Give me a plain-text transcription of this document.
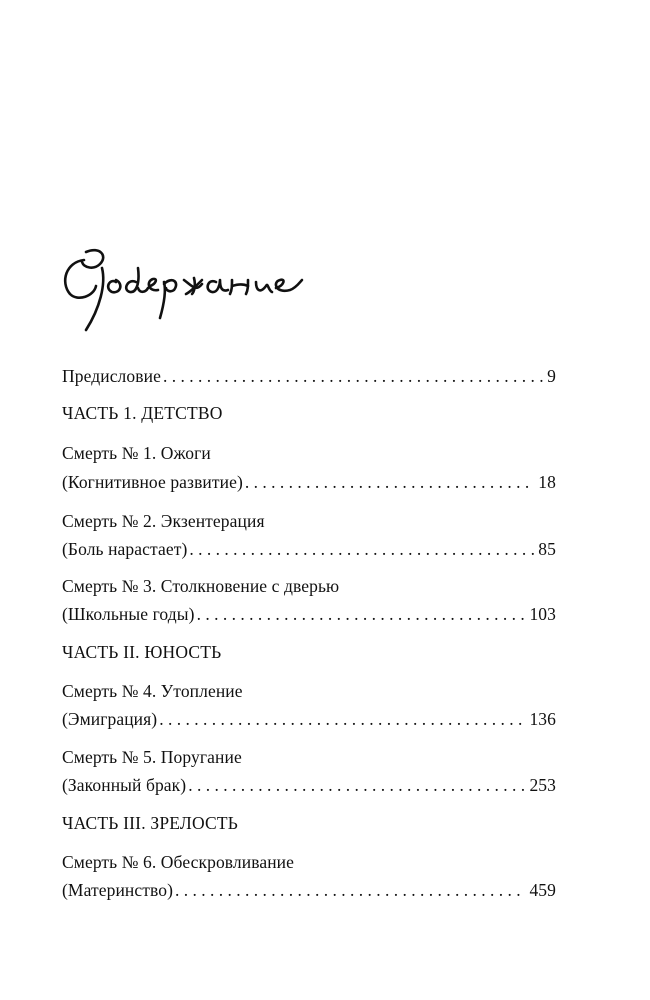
Предисловие . . .	9
ЧАСТЬ 1. ДЕТСТВО
Смерть № 1. Ожоги
(Когнитивное развитие) . . .	18
Смерть № 2. Экзентерация
(Боль нарастает) . . .	85
Смерть № 3. Столкновение с дверью
(Школьные годы) . . .	103
ЧАСТЬ II. ЮНОСТЬ
Смерть № 4. Утопление
(Эмиграция) . . .	136
Смерть № 5. Поругание
(Законный брак) . . .	253
ЧАСТЬ III. ЗРЕЛОСТЬ
Смерть № 6. Обескровливание
(Материнство) . . .	459
